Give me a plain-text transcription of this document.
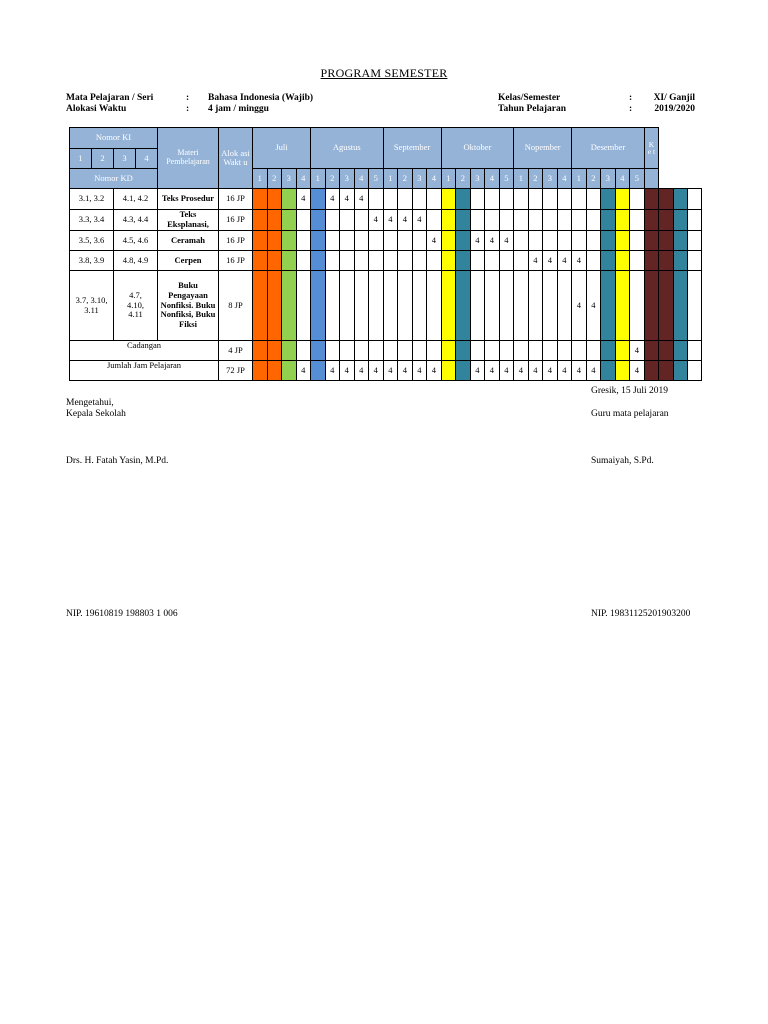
PROGRAM SEMESTER
Mata Pelajaran / Seri	: Bahasa Indonesia (Wajib)
Alokasi Waktu	: 4 jam / minggu
Kelas/Semester	:	XI/ Ganjil
Tahun Pelajaran	:	2019/2020
Nomor KI				Materi Pembelajaran	Alok asi Wakt u	Juli				Agustus					September				Oktober					Nopember				Desember					K e t			
1	2	3	4																																	
Nomor KD						1	2	3	4	1	2	3	4	5	1	2	3	4	1	2	3	4	5	1	2	3	4	1	2	3	4	5				
3.1, 3.2		4.1, 4.2		Teks Prosedur	16 JP				4		4	4	4																							
3.3, 3.4		4.3, 4.4		Teks Eksplanasi,	16 JP									4	4	4	4																			
3.5, 3.6		4.5, 4.6		Ceramah	16 JP													4			4	4	4													
3.8, 3.9		4.8, 4.9		Cerpen	16 JP																				4	4	4	4								
3.7, 3.10, 3.11		4.7, 4.10, 4.11		Buku Pengayaan Nonfiksi. Buku Nonfiksi, Buku Fiksi	8 JP																							4	4							
Cadangan					4 JP																											4				
Jumlah Jam Pelajaran					72 JP				4		4	4	4	4	4	4	4	4			4	4	4	4	4	4	4	4	4			4				
Gresik, 15 Juli 2019
Mengetahui,
Kepala Sekolah	Guru mata pelajaran
Drs. H. Fatah Yasin, M.Pd.	Sumaiyah, S.Pd.
NIP. 19610819 198803 1 006	NIP. 19831125201903200
